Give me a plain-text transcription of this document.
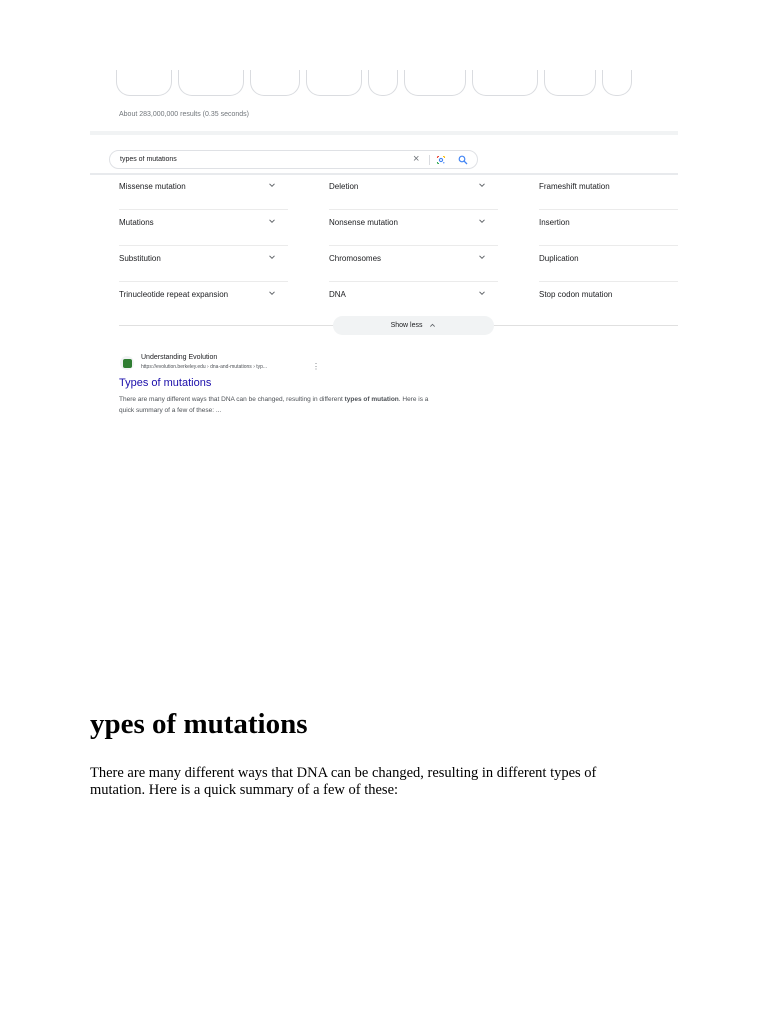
About 283,000,000 results (0.35 seconds)
types of mutations
×
Missense mutation	Deletion	Frameshift mutation
Mutations	Nonsense mutation	Insertion
Substitution	Chromosomes	Duplication
Trinucleotide repeat expansion	DNA	Stop codon mutation
Show less
Understanding Evolution
https://evolution.berkeley.edu › dna-and-mutations › typ...	⋮
Types of mutations
There are many different ways that DNA can be changed, resulting in different types of mutation. Here is a quick summary of a few of these: ...
ypes of mutations

There are many different ways that DNA can be changed, resulting in different types of mutation. Here is a quick summary of a few of these:
